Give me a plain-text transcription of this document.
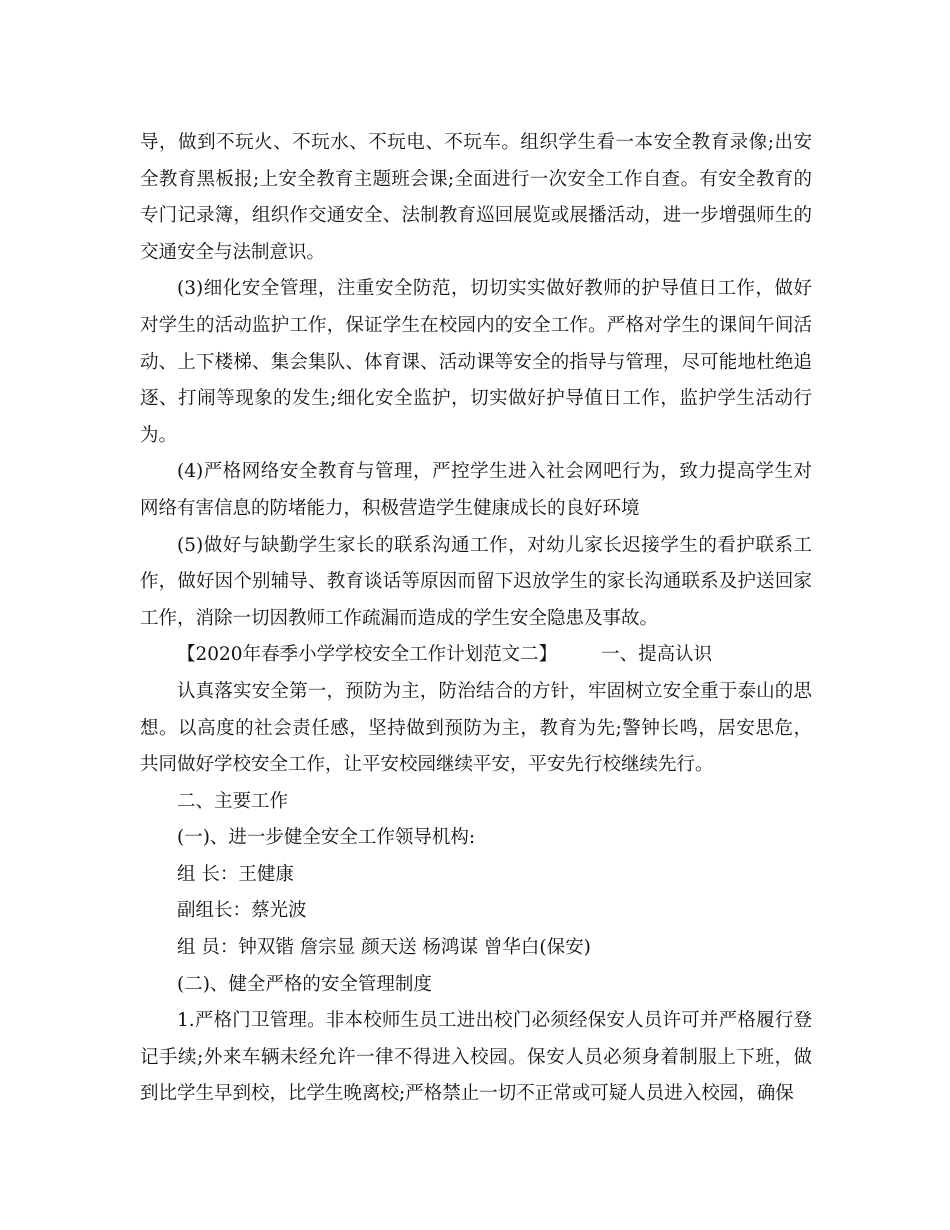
导，做到不玩火、不玩水、不玩电、不玩车。组织学生看一本安全教育录像;出安全教育黑板报;上安全教育主题班会课;全面进行一次安全工作自查。有安全教育的专门记录簿，组织作交通安全、法制教育巡回展览或展播活动，进一步增强师生的交通安全与法制意识。

(3)细化安全管理，注重安全防范，切切实实做好教师的护导值日工作，做好对学生的活动监护工作，保证学生在校园内的安全工作。严格对学生的课间午间活动、上下楼梯、集会集队、体育课、活动课等安全的指导与管理，尽可能地杜绝追逐、打闹等现象的发生;细化安全监护，切实做好护导值日工作，监护学生活动行为。

(4)严格网络安全教育与管理，严控学生进入社会网吧行为，致力提高学生对网络有害信息的防堵能力，积极营造学生健康成长的良好环境

(5)做好与缺勤学生家长的联系沟通工作，对幼儿家长迟接学生的看护联系工作，做好因个别辅导、教育谈话等原因而留下迟放学生的家长沟通联系及护送回家工作，消除一切因教师工作疏漏而造成的学生安全隐患及事故。

【2020年春季小学学校安全工作计划范文二】 一、提高认识

认真落实安全第一，预防为主，防治结合的方针，牢固树立安全重于泰山的思想。以高度的社会责任感，坚持做到预防为主，教育为先;警钟长鸣，居安思危，共同做好学校安全工作，让平安校园继续平安，平安先行校继续先行。

二、主要工作

(一)、进一步健全安全工作领导机构:

组 长：王健康

副组长：蔡光波

组 员：钟双锴 詹宗显 颜天送 杨鸿谋 曾华白(保安)

(二)、健全严格的安全管理制度

1.严格门卫管理。非本校师生员工进出校门必须经保安人员许可并严格履行登记手续;外来车辆未经允许一律不得进入校园。保安人员必须身着制服上下班，做到比学生早到校，比学生晚离校;严格禁止一切不正常或可疑人员进入校园，确保
